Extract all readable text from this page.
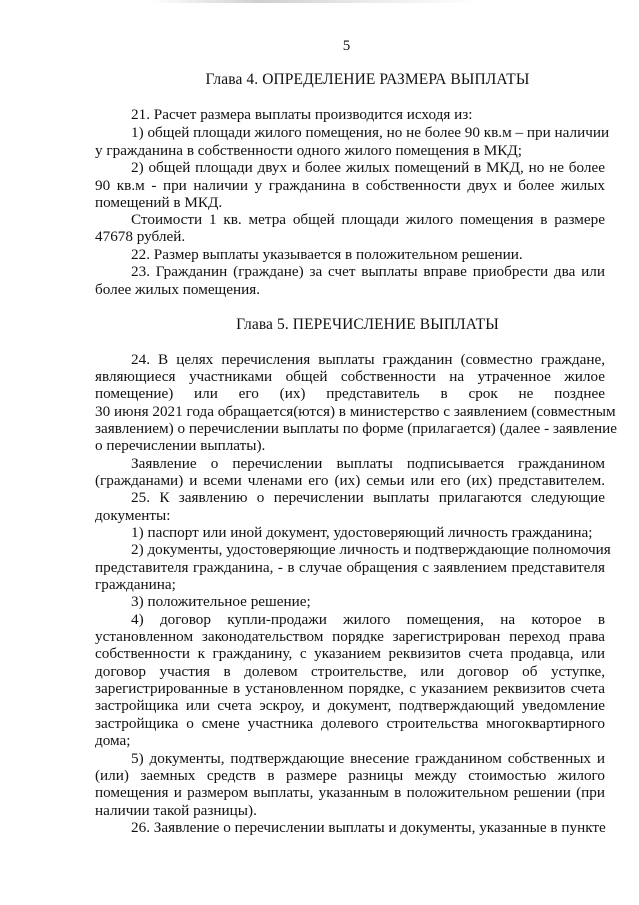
5
Глава 4. ОПРЕДЕЛЕНИЕ РАЗМЕРА ВЫПЛАТЫ
21. Расчет размера выплаты производится исходя из:
1) общей площади жилого помещения, но не более 90 кв.м – при наличии
у гражданина в собственности одного жилого помещения в МКД;
2) общей площади двух и более жилых помещений в МКД, но не более
90 кв.м - при наличии у гражданина в собственности двух и более жилых
помещений в МКД.
Стоимости 1 кв. метра общей площади жилого помещения в размере
47678 рублей.
22. Размер выплаты указывается в положительном решении.
23. Гражданин (граждане) за счет выплаты вправе приобрести два или
более жилых помещения.
Глава 5. ПЕРЕЧИСЛЕНИЕ ВЫПЛАТЫ
24. В целях перечисления выплаты гражданин (совместно граждане,
являющиеся участниками общей собственности на утраченное жилое
помещение) или его (их) представитель в срок не позднее
30 июня 2021 года обращается(ются) в министерство с заявлением (совместным
заявлением) о перечислении выплаты по форме (прилагается) (далее - заявление
о перечислении выплаты).
Заявление о перечислении выплаты подписывается гражданином
(гражданами) и всеми членами его (их) семьи или его (их) представителем.
25. К заявлению о перечислении выплаты прилагаются следующие
документы:
1) паспорт или иной документ, удостоверяющий личность гражданина;
2) документы, удостоверяющие личность и подтверждающие полномочия
представителя гражданина, - в случае обращения с заявлением представителя
гражданина;
3) положительное решение;
4) договор купли-продажи жилого помещения, на которое в
установленном законодательством порядке зарегистрирован переход права
собственности к гражданину, с указанием реквизитов счета продавца, или
договор участия в долевом строительстве, или договор об уступке,
зарегистрированные в установленном порядке, с указанием реквизитов счета
застройщика или счета эскроу, и документ, подтверждающий уведомление
застройщика о смене участника долевого строительства многоквартирного
дома;
5) документы, подтверждающие внесение гражданином собственных и
(или) заемных средств в размере разницы между стоимостью жилого
помещения и размером выплаты, указанным в положительном решении (при
наличии такой разницы).
26. Заявление о перечислении выплаты и документы, указанные в пункте
